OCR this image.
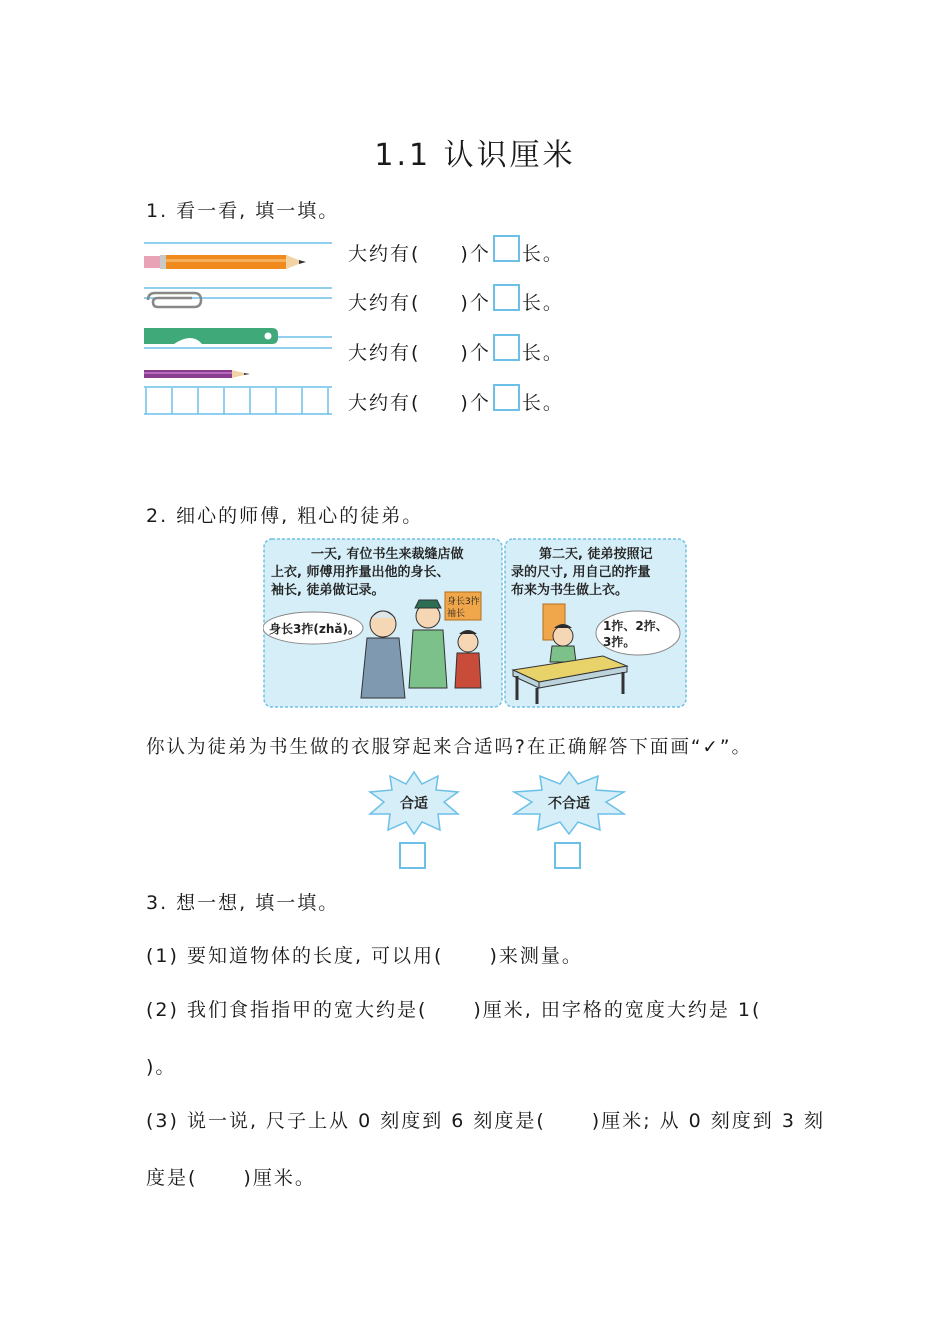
1.1 认识厘米
1. 看一看, 填一填。
大约有( )个 长。
大约有( )个 长。
大约有( )个 长。
大约有( )个 长。
2. 细心的师傅, 粗心的徒弟。
一天, 有位书生来裁缝店做
上衣, 师傅用拃量出他的身长、
袖长, 徒弟做记录。
身长3拃(zhǎ)。
身长3拃
袖长
第二天, 徒弟按照记
录的尺寸, 用自己的拃量
布来为书生做上衣。
1拃、2拃、
3拃。
你认为徒弟为书生做的衣服穿起来合适吗?在正确解答下面画“✓”。
合适	不合适
3. 想一想, 填一填。
(1) 要知道物体的长度, 可以用( )来测量。
(2) 我们食指指甲的宽大约是( )厘米, 田字格的宽度大约是 1(
)。
(3) 说一说, 尺子上从 0 刻度到 6 刻度是( )厘米; 从 0 刻度到 3 刻
度是( )厘米。
